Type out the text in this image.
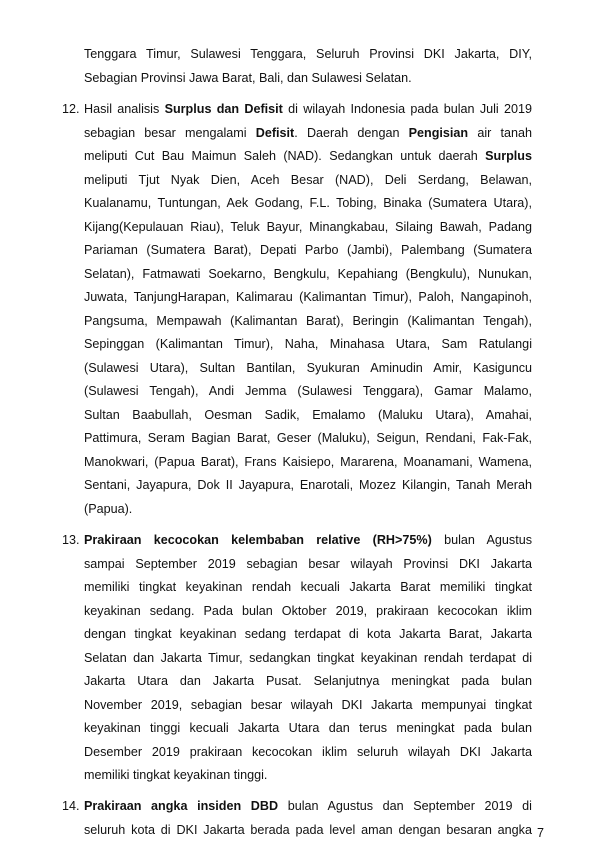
Tenggara Timur, Sulawesi Tenggara, Seluruh Provinsi DKI Jakarta, DIY,
Sebagian Provinsi Jawa Barat, Bali, dan Sulawesi Selatan.
12. Hasil analisis Surplus dan Defisit di wilayah Indonesia pada bulan Juli 2019
sebagian besar mengalami Defisit. Daerah dengan Pengisian air tanah
meliputi Cut Bau Maimun Saleh (NAD). Sedangkan untuk daerah Surplus
meliputi Tjut Nyak Dien, Aceh Besar (NAD), Deli Serdang, Belawan,
Kualanamu, Tuntungan, Aek Godang, F.L. Tobing, Binaka (Sumatera Utara),
Kijang(Kepulauan Riau), Teluk Bayur, Minangkabau, Silaing Bawah, Padang
Pariaman (Sumatera Barat), Depati Parbo (Jambi), Palembang (Sumatera
Selatan), Fatmawati Soekarno, Bengkulu, Kepahiang (Bengkulu), Nunukan,
Juwata, TanjungHarapan, Kalimarau (Kalimantan Timur), Paloh, Nangapinoh,
Pangsuma, Mempawah (Kalimantan Barat), Beringin (Kalimantan Tengah),
Sepinggan (Kalimantan Timur), Naha, Minahasa Utara, Sam Ratulangi
(Sulawesi Utara), Sultan Bantilan, Syukuran Aminudin Amir, Kasiguncu
(Sulawesi Tengah), Andi Jemma (Sulawesi Tenggara), Gamar Malamo,
Sultan Baabullah, Oesman Sadik, Emalamo (Maluku Utara), Amahai,
Pattimura, Seram Bagian Barat, Geser (Maluku), Seigun, Rendani, Fak-Fak,
Manokwari, (Papua Barat), Frans Kaisiepo, Mararena, Moanamani, Wamena,
Sentani, Jayapura, Dok II Jayapura, Enarotali, Mozez Kilangin, Tanah Merah
(Papua).
13. Prakiraan kecocokan kelembaban relative (RH>75%) bulan Agustus
sampai September 2019 sebagian besar wilayah Provinsi DKI Jakarta
memiliki tingkat keyakinan rendah kecuali Jakarta Barat memiliki tingkat
keyakinan sedang. Pada bulan Oktober 2019, prakiraan kecocokan iklim
dengan tingkat keyakinan sedang terdapat di kota Jakarta Barat, Jakarta
Selatan dan Jakarta Timur, sedangkan tingkat keyakinan rendah terdapat di
Jakarta Utara dan Jakarta Pusat. Selanjutnya meningkat pada bulan
November 2019, sebagian besar wilayah DKI Jakarta mempunyai tingkat
keyakinan tinggi kecuali Jakarta Utara dan terus meningkat pada bulan
Desember 2019 prakiraan kecocokan iklim seluruh wilayah DKI Jakarta
memiliki tingkat keyakinan tinggi.
14. Prakiraan angka insiden DBD bulan Agustus dan September 2019 di
seluruh kota di DKI Jakarta berada pada level aman dengan besaran angka 7
